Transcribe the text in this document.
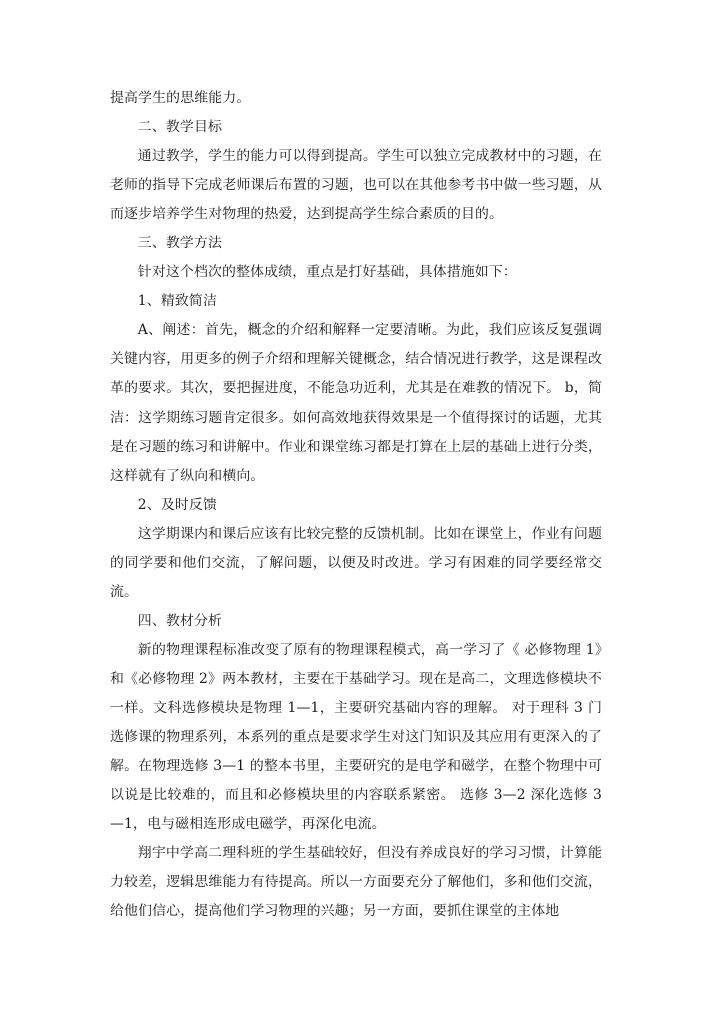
提高学生的思维能力。

二、教学目标

通过教学，学生的能力可以得到提高。学生可以独立完成教材中的习题，在老师的指导下完成老师课后布置的习题，也可以在其他参考书中做一些习题，从而逐步培养学生对物理的热爱，达到提高学生综合素质的目的。

三、教学方法

针对这个档次的整体成绩，重点是打好基础，具体措施如下：

1、精致简洁

A、阐述：首先，概念的介绍和解释一定要清晰。为此，我们应该反复强调关键内容，用更多的例子介绍和理解关键概念，结合情况进行教学，这是课程改革的要求。其次，要把握进度，不能急功近利，尤其是在难教的情况下。 b，简洁：这学期练习题肯定很多。如何高效地获得效果是一个值得探讨的话题，尤其是在习题的练习和讲解中。作业和课堂练习都是打算在上层的基础上进行分类，这样就有了纵向和横向。

2、及时反馈

这学期课内和课后应该有比较完整的反馈机制。比如在课堂上，作业有问题的同学要和他们交流，了解问题，以便及时改进。学习有困难的同学要经常交流。

四、教材分析

新的物理课程标准改变了原有的物理课程模式，高一学习了《 必修物理 1》和《必修物理 2》两本教材，主要在于基础学习。现在是高二，文理选修模块不一样。文科选修模块是物理 1—1，主要研究基础内容的理解。 对于理科 3 门选修课的物理系列，本系列的重点是要求学生对这门知识及其应用有更深入的了解。在物理选修 3—1 的整本书里，主要研究的是电学和磁学，在整个物理中可以说是比较难的，而且和必修模块里的内容联系紧密。 选修 3—2 深化选修 3—1，电与磁相连形成电磁学，再深化电流。

翔宇中学高二理科班的学生基础较好，但没有养成良好的学习习惯，计算能力较差，逻辑思维能力有待提高。所以一方面要充分了解他们，多和他们交流，给他们信心，提高他们学习物理的兴趣；另一方面，要抓住课堂的主体地
